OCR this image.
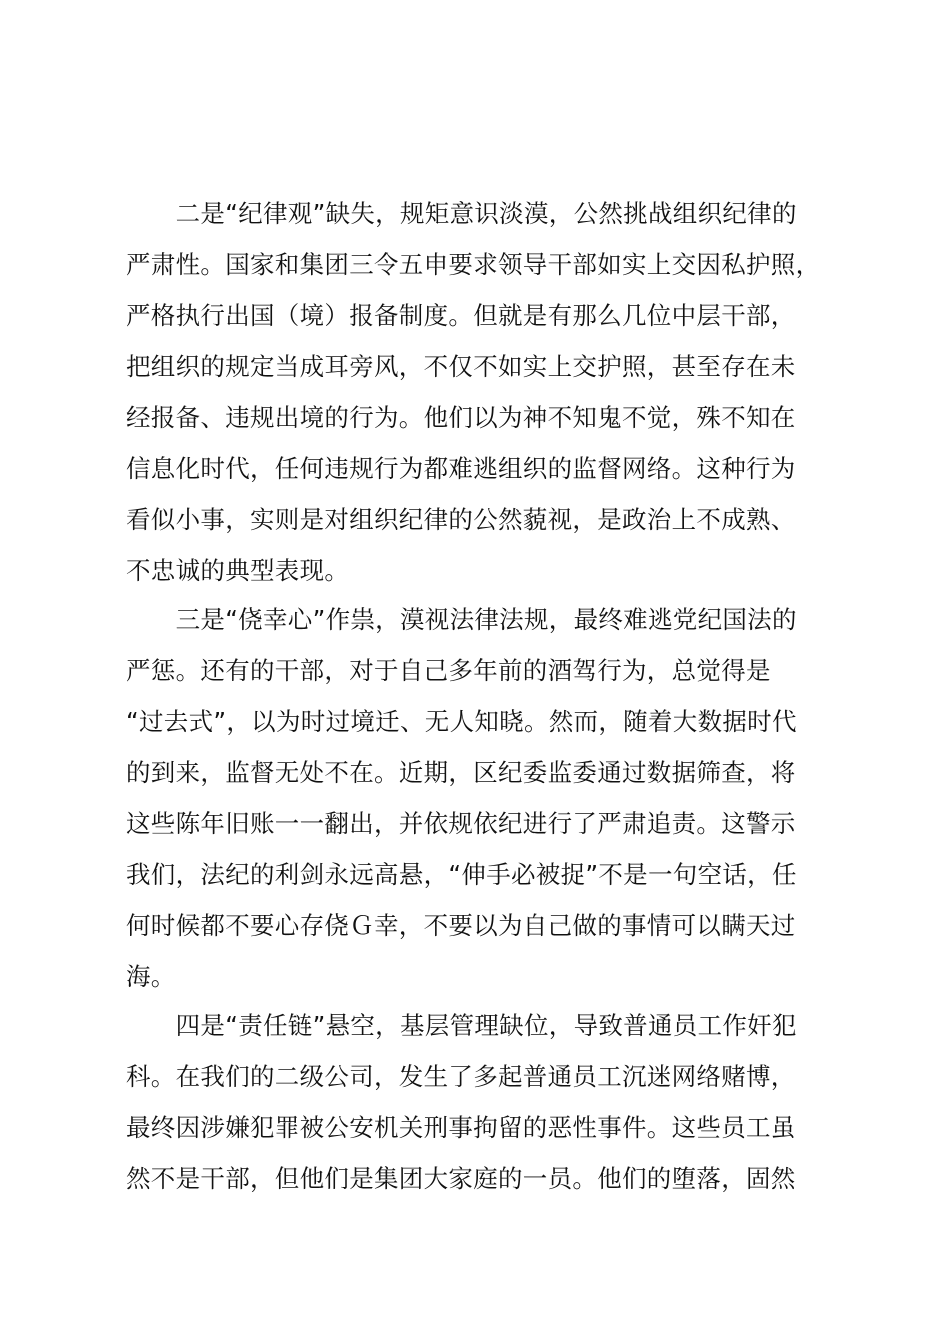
　　二是“纪律观”缺失，规矩意识淡漠，公然挑战组织纪律的
严肃性。国家和集团三令五申要求领导干部如实上交因私护照，
严格执行出国（境）报备制度。但就是有那么几位中层干部，
把组织的规定当成耳旁风，不仅不如实上交护照，甚至存在未
经报备、违规出境的行为。他们以为神不知鬼不觉，殊不知在
信息化时代，任何违规行为都难逃组织的监督网络。这种行为
看似小事，实则是对组织纪律的公然藐视，是政治上不成熟、
不忠诚的典型表现。
　　三是“侥幸心”作祟，漠视法律法规，最终难逃党纪国法的
严惩。还有的干部，对于自己多年前的酒驾行为，总觉得是
“过去式”，以为时过境迁、无人知晓。然而，随着大数据时代
的到来，监督无处不在。近期，区纪委监委通过数据筛查，将
这些陈年旧账一一翻出，并依规依纪进行了严肃追责。这警示
我们，法纪的利剑永远高悬，“伸手必被捉”不是一句空话，任
何时候都不要心存侥Ｇ幸，不要以为自己做的事情可以瞒天过
海。
　　四是“责任链”悬空，基层管理缺位，导致普通员工作奸犯
科。在我们的二级公司，发生了多起普通员工沉迷网络赌博，
最终因涉嫌犯罪被公安机关刑事拘留的恶性事件。这些员工虽
然不是干部，但他们是集团大家庭的一员。他们的堕落，固然
